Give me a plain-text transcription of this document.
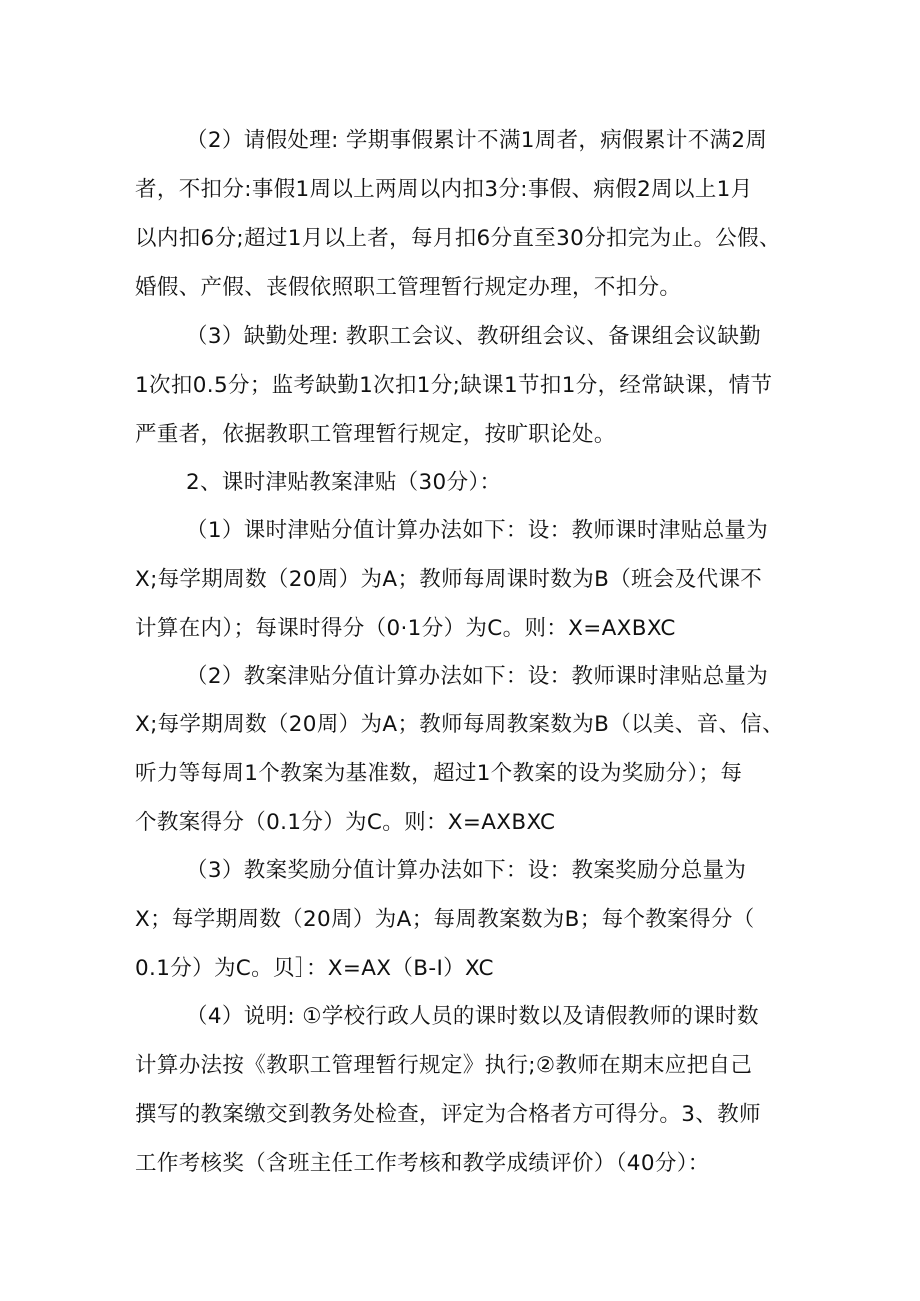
（2）请假处理: 学期事假累计不满1周者，病假累计不满2周
者，不扣分:事假1周以上两周以内扣3分:事假、病假2周以上1月
以内扣6分;超过1月以上者，每月扣6分直至30分扣完为止。公假、
婚假、产假、丧假依照职工管理暂行规定办理，不扣分。
（3）缺勤处理: 教职工会议、教研组会议、备课组会议缺勤
1次扣0.5分；监考缺勤1次扣1分;缺课1节扣1分，经常缺课，情节
严重者，依据教职工管理暂行规定，按旷职论处。
2、课时津贴教案津贴（30分）：
（1）课时津贴分值计算办法如下：设：教师课时津贴总量为
X;每学期周数（20周）为A；教师每周课时数为B（班会及代课不
计算在内）；每课时得分（0·1分）为C。则：X=AXBXC
（2）教案津贴分值计算办法如下：设：教师课时津贴总量为
X;每学期周数（20周）为A；教师每周教案数为B（以美、音、信、
听力等每周1个教案为基准数，超过1个教案的设为奖励分）；每
个教案得分（0.1分）为C。则：X=AXBXC
（3）教案奖励分值计算办法如下：设：教案奖励分总量为
X；每学期周数（20周）为A；每周教案数为B；每个教案得分（
0.1分）为C。贝］：X=AX（B-I）XC
（4）说明: ①学校行政人员的课时数以及请假教师的课时数
计算办法按《教职工管理暂行规定》执行;②教师在期末应把自己
撰写的教案缴交到教务处检查，评定为合格者方可得分。3、教师
工作考核奖（含班主任工作考核和教学成绩评价）（40分）：
